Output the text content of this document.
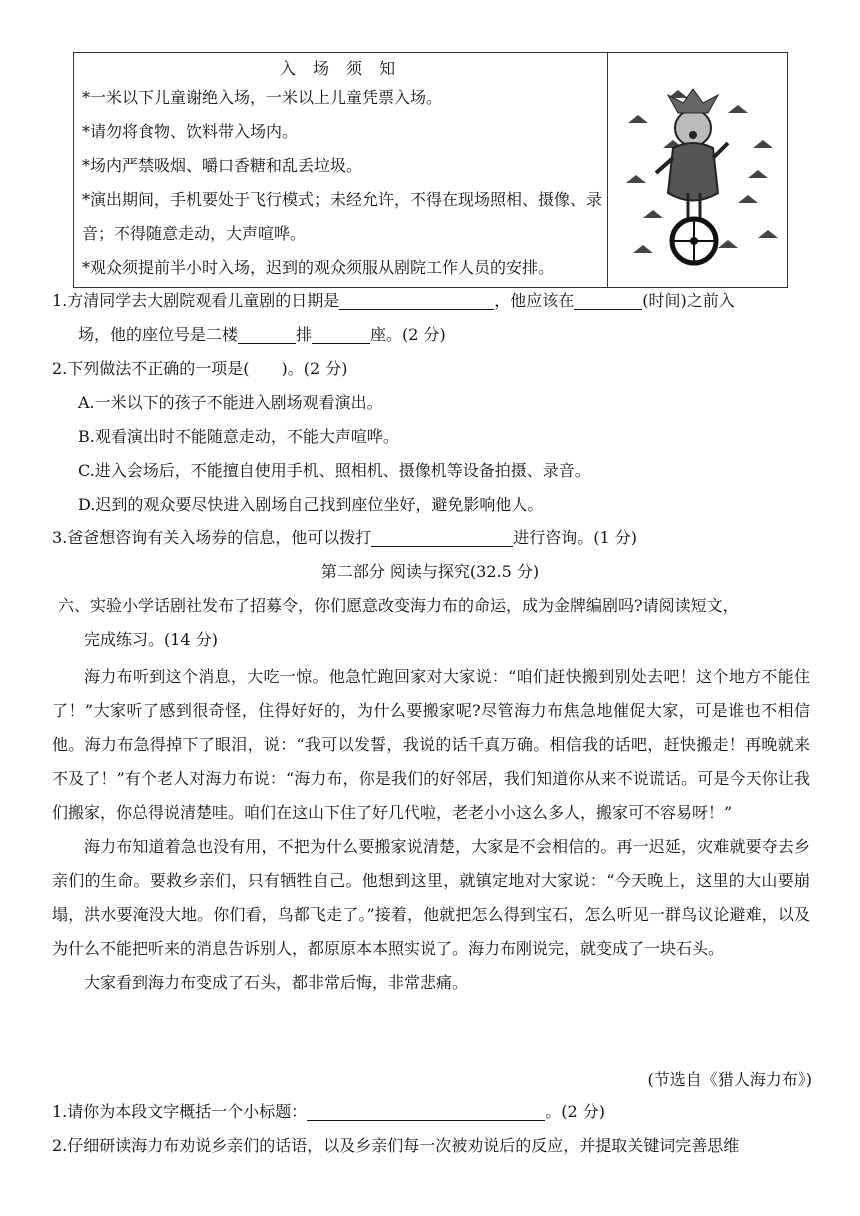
入 场 须 知
*一米以下儿童谢绝入场，一米以上儿童凭票入场。
*请勿将食物、饮料带入场内。
*场内严禁吸烟、嚼口香糖和乱丢垃圾。
*演出期间，手机要处于飞行模式；未经允许，不得在现场照相、摄像、录音；不得随意走动，大声喧哗。
*观众须提前半小时入场，迟到的观众须服从剧院工作人员的安排。
1.方清同学去大剧院观看儿童剧的日期是	，他应该在	(时间)之前入
场，他的座位号是二楼	排	座。(2 分)
2.下列做法不正确的一项是(　　)。(2 分)
A.一米以下的孩子不能进入剧场观看演出。
B.观看演出时不能随意走动，不能大声喧哗。
C.进入会场后，不能擅自使用手机、照相机、摄像机等设备拍摄、录音。
D.迟到的观众要尽快进入剧场自己找到座位坐好，避免影响他人。
3.爸爸想咨询有关入场券的信息，他可以拨打	进行咨询。(1 分)
第二部分 阅读与探究(32.5 分)
六、实验小学话剧社发布了招募令，你们愿意改变海力布的命运，成为金牌编剧吗?请阅读短文，
完成练习。(14 分)

海力布听到这个消息，大吃一惊。他急忙跑回家对大家说：“咱们赶快搬到别处去吧！这个地方不能住了！”大家听了感到很奇怪，住得好好的，为什么要搬家呢?尽管海力布焦急地催促大家，可是谁也不相信他。海力布急得掉下了眼泪，说：“我可以发誓，我说的话千真万确。相信我的话吧，赶快搬走！再晚就来不及了！”有个老人对海力布说：“海力布，你是我们的好邻居，我们知道你从来不说谎话。可是今天你让我们搬家，你总得说清楚哇。咱们在这山下住了好几代啦，老老小小这么多人，搬家可不容易呀！”

海力布知道着急也没有用，不把为什么要搬家说清楚，大家是不会相信的。再一迟延，灾难就要夺去乡亲们的生命。要救乡亲们，只有牺牲自己。他想到这里，就镇定地对大家说：“今天晚上，这里的大山要崩塌，洪水要淹没大地。你们看，鸟都飞走了。”接着，他就把怎么得到宝石，怎么听见一群鸟议论避难，以及为什么不能把听来的消息告诉别人，都原原本本照实说了。海力布刚说完，就变成了一块石头。

大家看到海力布变成了石头，都非常后悔，非常悲痛。

(节选自《猎人海力布》)
1.请你为本段文字概括一个小标题：	。(2 分)
2.仔细研读海力布劝说乡亲们的话语，以及乡亲们每一次被劝说后的反应，并提取关键词完善思维
